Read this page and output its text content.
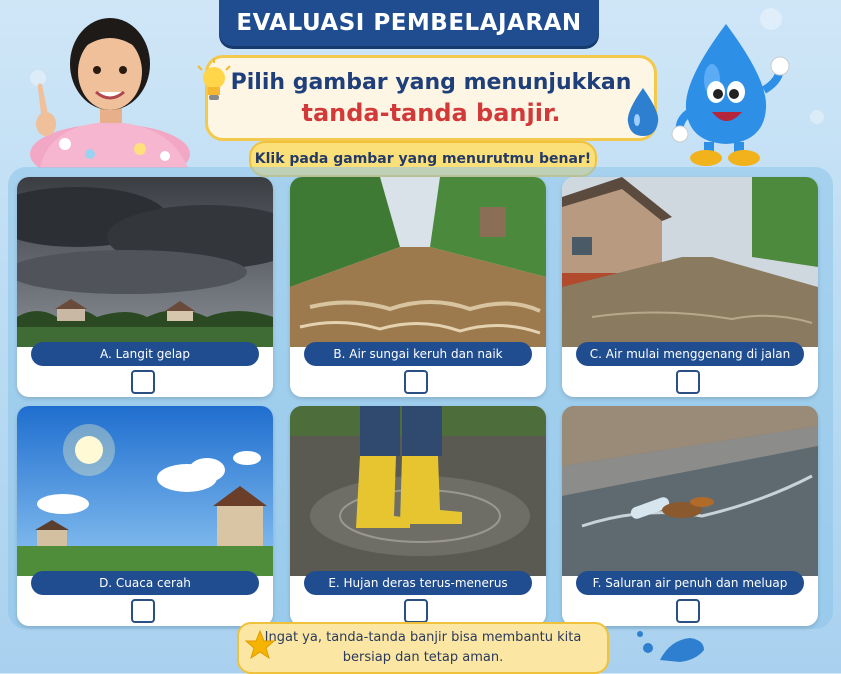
EVALUASI PEMBELAJARAN
Pilih gambar yang menunjukkan
tanda-tanda banjir.
Klik pada gambar yang menurutmu benar!
A. Langit gelap	B. Air sungai keruh dan naik	C. Air mulai menggenang di jalan
D. Cuaca cerah	E. Hujan deras terus-menerus	F. Saluran air penuh dan meluap
Ingat ya, tanda-tanda banjir bisa membantu kita
bersiap dan tetap aman.
